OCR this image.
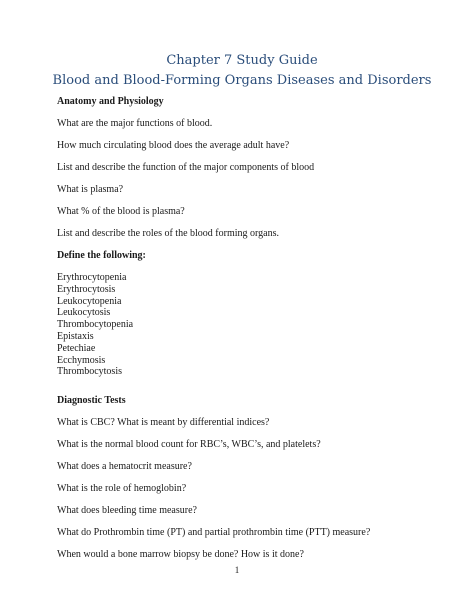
Chapter 7 Study Guide
Blood and Blood-Forming Organs Diseases and Disorders

Anatomy and Physiology

What are the major functions of blood.

How much circulating blood does the average adult have?

List and describe the function of the major components of blood

What is plasma?

What % of the blood is plasma?

List and describe the roles of the blood forming organs.

Define the following:

Erythrocytopenia
Erythrocytosis
Leukocytopenia
Leukocytosis
Thrombocytopenia
Epistaxis
Petechiae
Ecchymosis
Thrombocytosis

Diagnostic Tests

What is CBC? What is meant by differential indices?

What is the normal blood count for RBC’s, WBC’s, and platelets?

What does a hematocrit measure?

What is the role of hemoglobin?

What does bleeding time measure?

What do Prothrombin time (PT) and partial prothrombin time (PTT) measure?

When would a bone marrow biopsy be done? How is it done?

1
